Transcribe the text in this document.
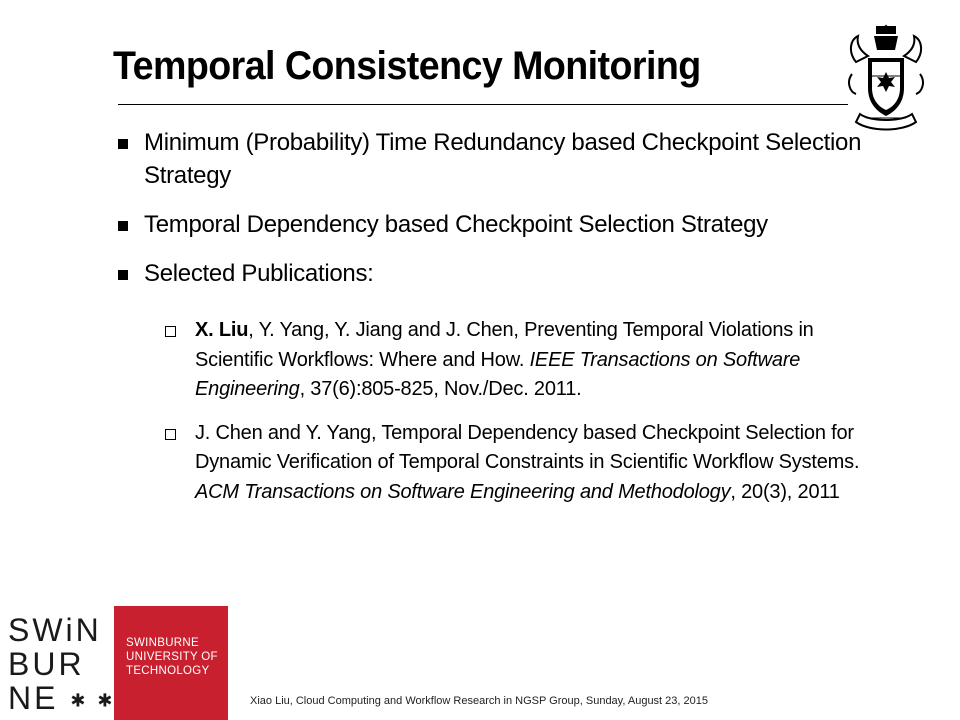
Temporal Consistency Monitoring
Minimum (Probability) Time Redundancy based Checkpoint Selection Strategy
Temporal Dependency based Checkpoint Selection Strategy
Selected Publications:
X. Liu, Y. Yang, Y. Jiang and J. Chen, Preventing Temporal Violations in Scientific Workflows: Where and How. IEEE Transactions on Software Engineering, 37(6):805-825, Nov./Dec. 2011.
J. Chen and Y. Yang, Temporal Dependency based Checkpoint Selection for Dynamic Verification of Temporal Constraints in Scientific Workflow Systems. ACM Transactions on Software Engineering and Methodology, 20(3), 2011
SWiN
BUR
NE ✱ ✱
SWINBURNE
UNIVERSITY OF
TECHNOLOGY
Xiao Liu, Cloud Computing and Workflow Research in NGSP Group, Sunday, August 23, 2015
